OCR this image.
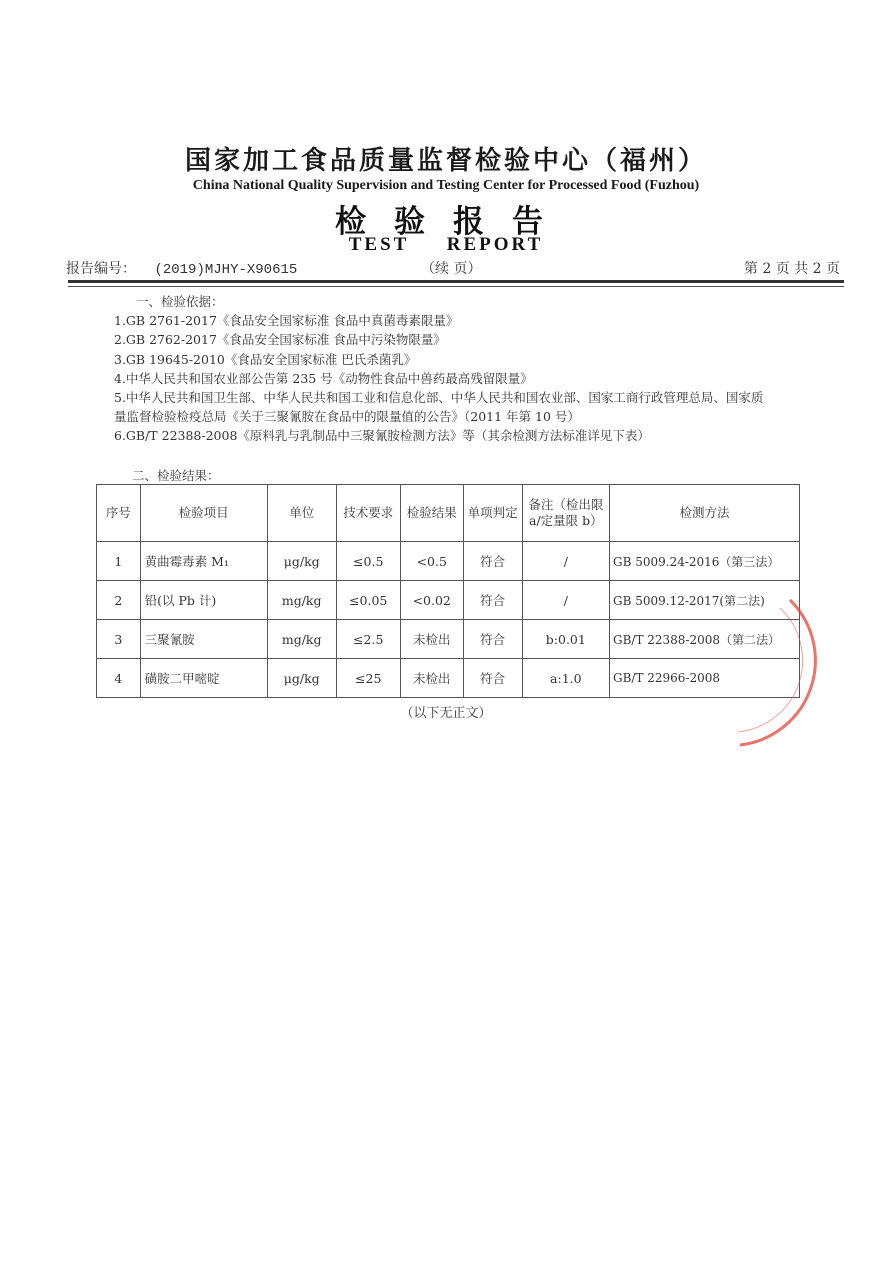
国家加工食品质量监督检验中心（福州）
China National Quality Supervision and Testing Center for Processed Food (Fuzhou)
检验报告
TEST REPORT
报告编号： (2019)MJHY-X90615	（续 页）	第 2 页 共 2 页
一、检验依据：
1.GB 2761-2017《食品安全国家标准 食品中真菌毒素限量》
2.GB 2762-2017《食品安全国家标准 食品中污染物限量》
3.GB 19645-2010《食品安全国家标准 巴氏杀菌乳》
4.中华人民共和国农业部公告第 235 号《动物性食品中兽药最高残留限量》
5.中华人民共和国卫生部、中华人民共和国工业和信息化部、中华人民共和国农业部、国家工商行政管理总局、国家质量监督检验检疫总局《关于三聚氰胺在食品中的限量值的公告》（2011 年第 10 号）
6.GB/T 22388-2008《原料乳与乳制品中三聚氰胺检测方法》等（其余检测方法标准详见下表）
二、检验结果：
序号	检验项目	单位	技术要求	检验结果	单项判定	备注（检出限 a/定量限 b）	检测方法
1	黄曲霉毒素 M₁	μg/kg	≤0.5	<0.5	符合	/	GB 5009.24-2016（第三法）
2	铅(以 Pb 计)	mg/kg	≤0.05	<0.02	符合	/	GB 5009.12-2017(第二法)
3	三聚氰胺	mg/kg	≤2.5	未检出	符合	b:0.01	GB/T 22388-2008（第二法）
4	磺胺二甲嘧啶	μg/kg	≤25	未检出	符合	a:1.0	GB/T 22966-2008
（以下无正文）
